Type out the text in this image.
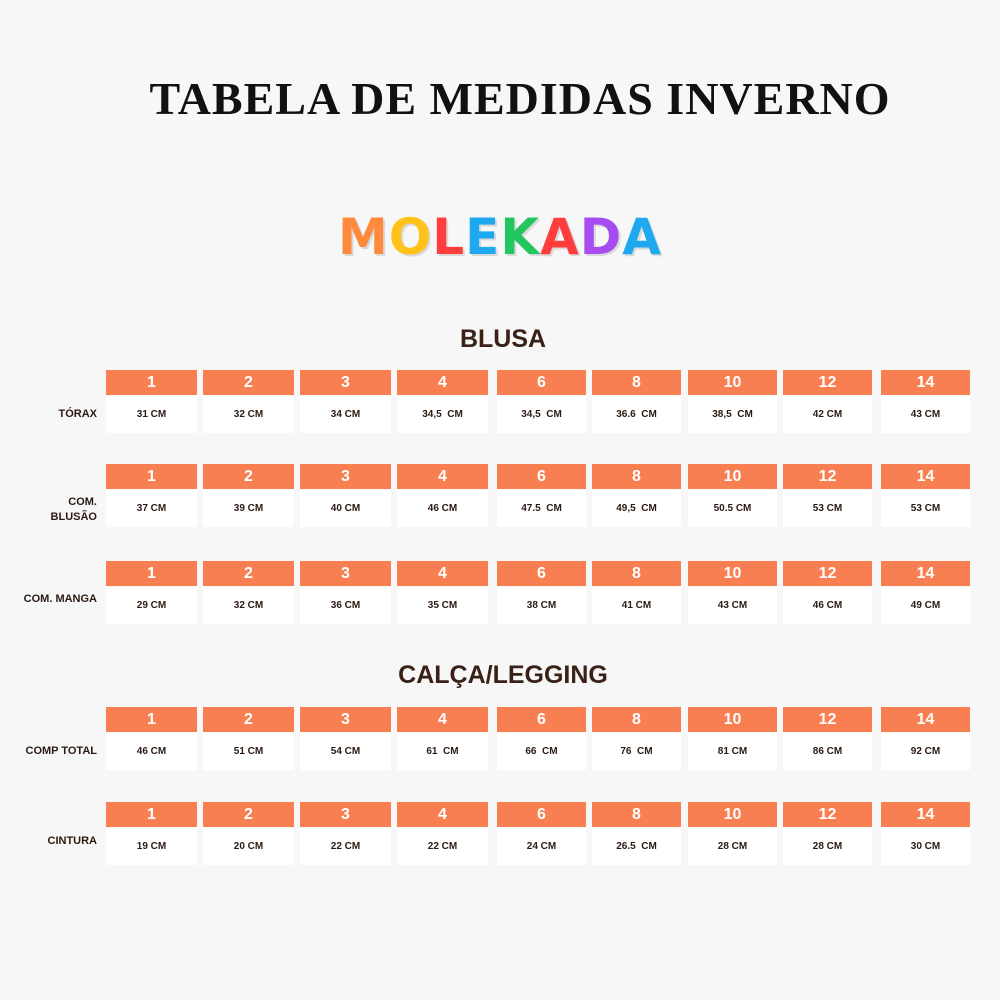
TABELA DE MEDIDAS INVERNO
MOLEKADA
BLUSA
CALÇA/LEGGING
TÓRAX
1
31 CM
2
32 CM
3
34 CM
4
34,5  CM
6
34,5  CM
8
36.6  CM
10
38,5  CM
12
42 CM
14
43 CM
COM.
BLUSÃO
1
37 CM
2
39 CM
3
40 CM
4
46 CM
6
47.5  CM
8
49,5  CM
10
50.5 CM
12
53 CM
14
53 CM
COM. MANGA
1
29 CM
2
32 CM
3
36 CM
4
35 CM
6
38 CM
8
41 CM
10
43 CM
12
46 CM
14
49 CM
COMP TOTAL
1
46 CM
2
51 CM
3
54 CM
4
61  CM
6
66  CM
8
76  CM
10
81 CM
12
86 CM
14
92 CM
CINTURA
1
19 CM
2
20 CM
3
22 CM
4
22 CM
6
24 CM
8
26.5  CM
10
28 CM
12
28 CM
14
30 CM
